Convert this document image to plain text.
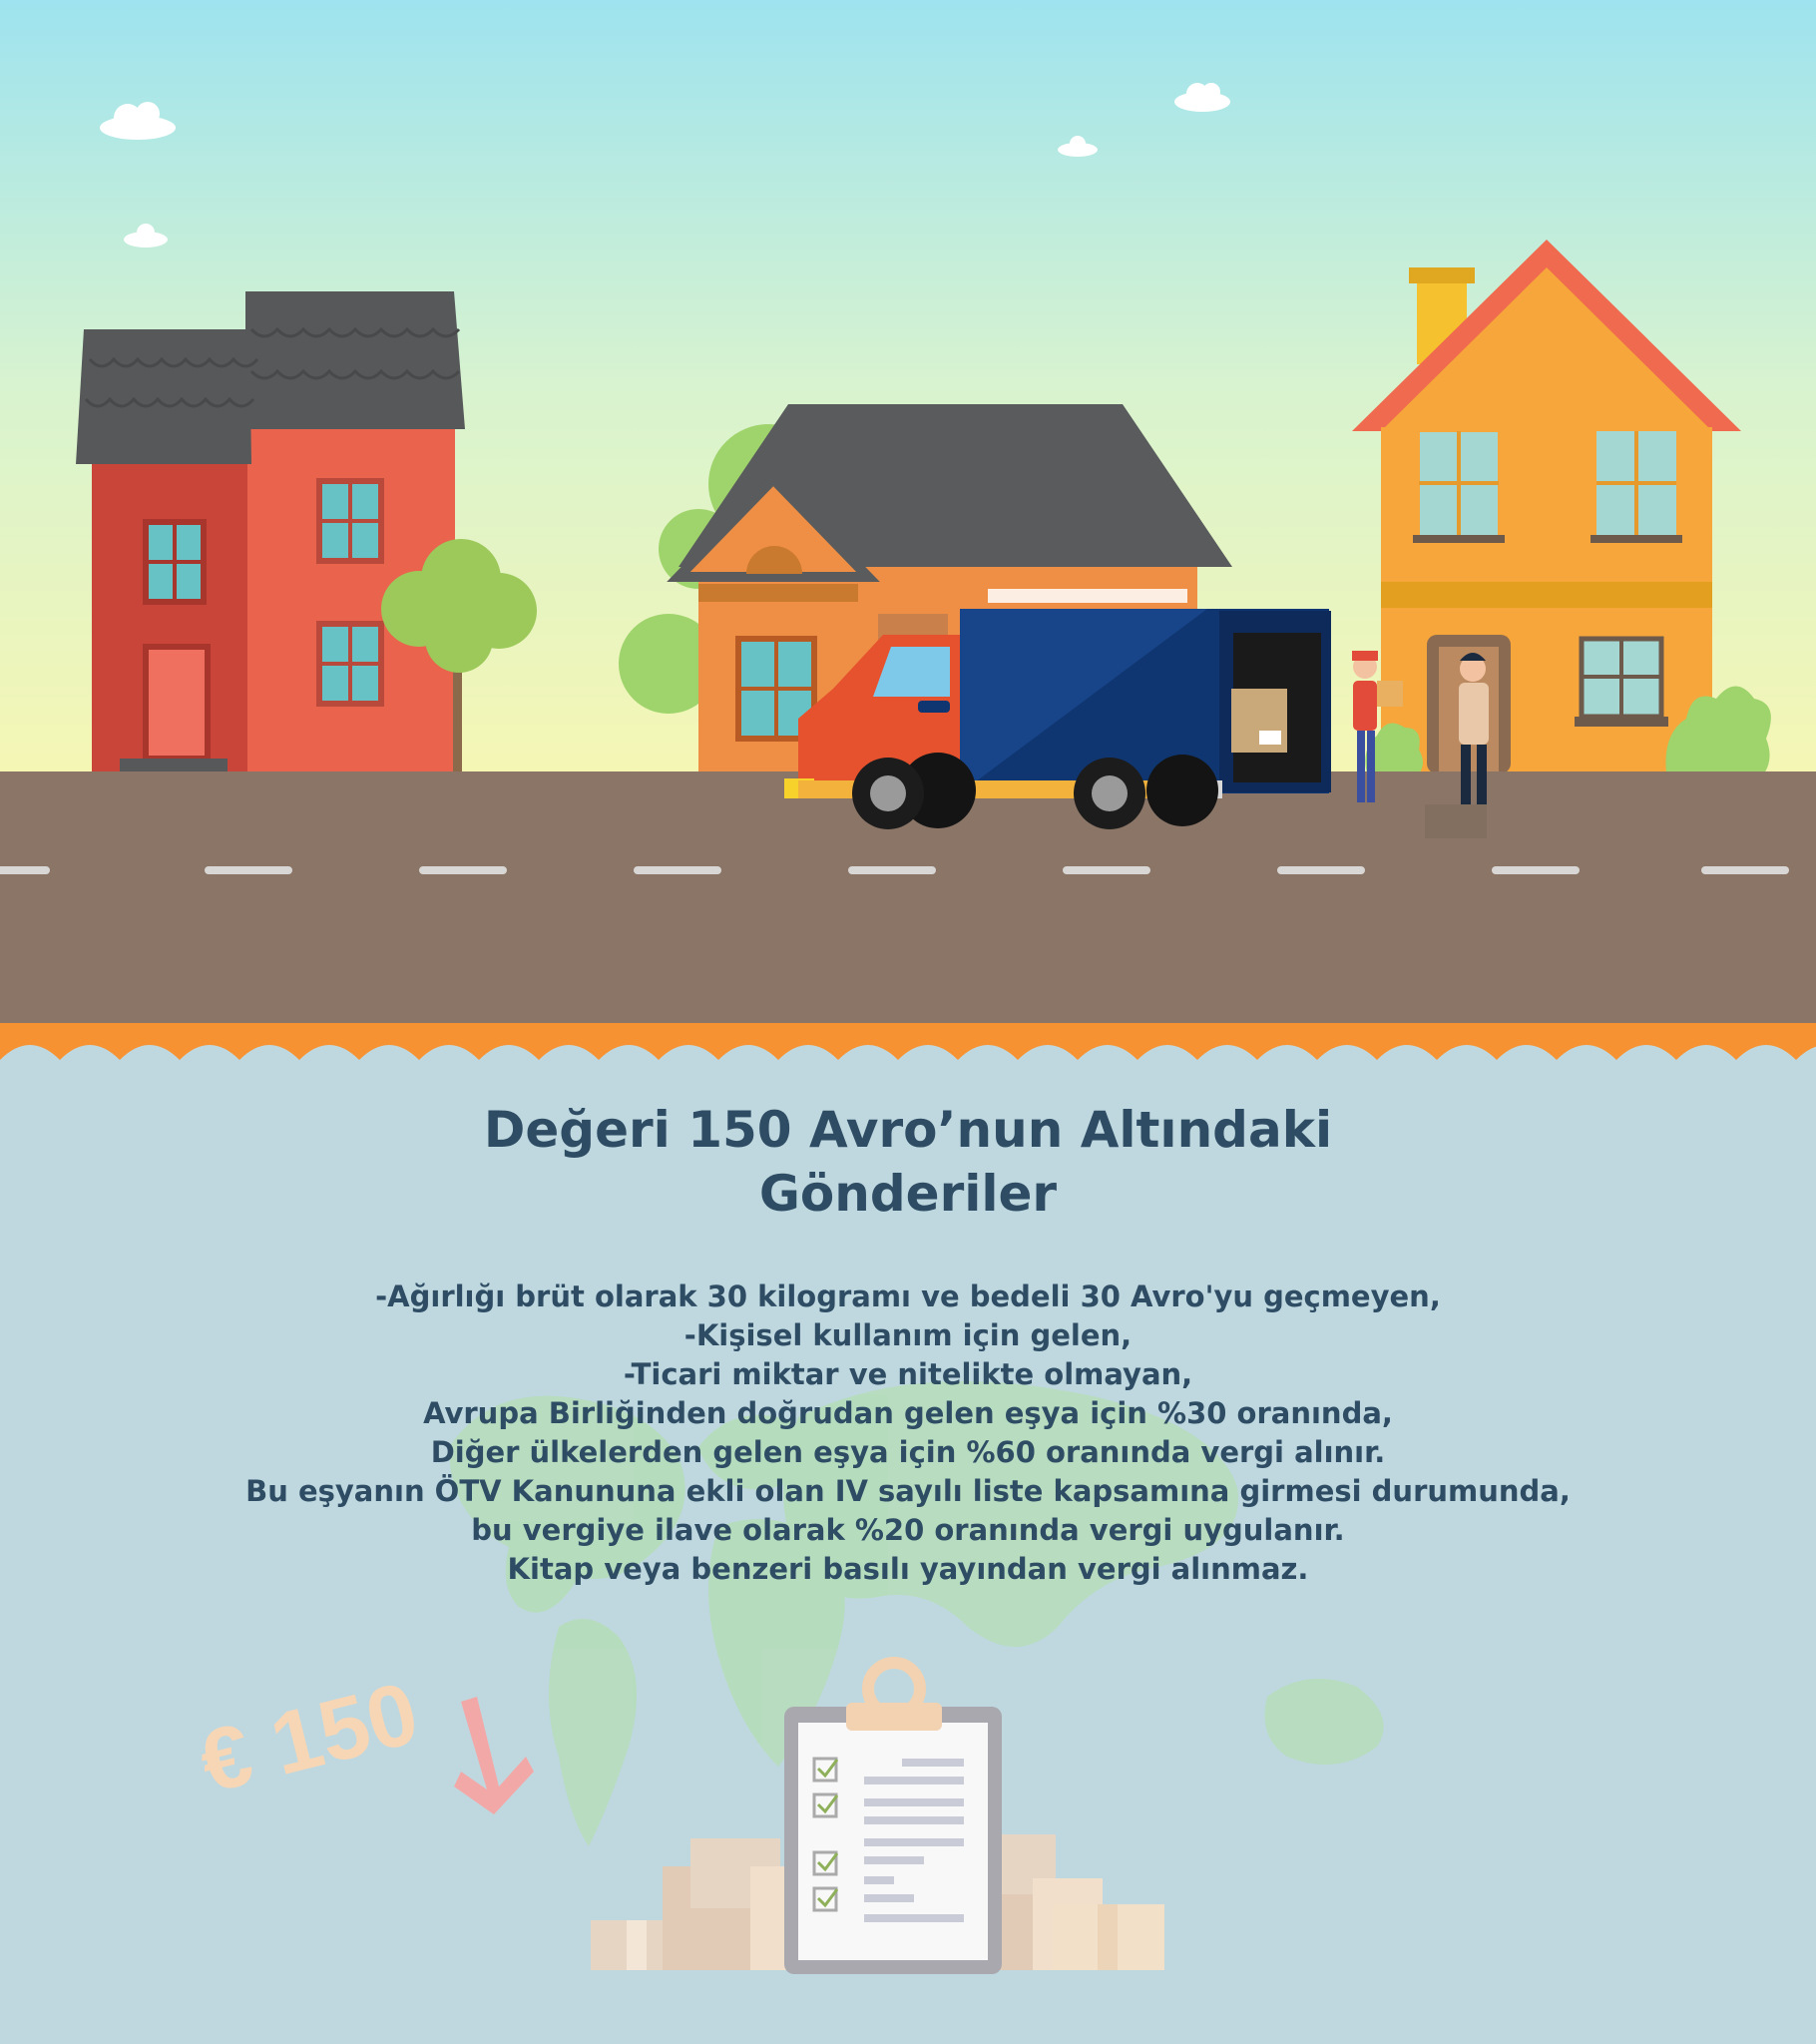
€ 150
Değeri 150 Avro’nun Altındaki
Gönderiler
-Ağırlığı brüt olarak 30 kilogramı ve bedeli 30 Avro'yu geçmeyen,
-Kişisel kullanım için gelen,
-Ticari miktar ve nitelikte olmayan,
Avrupa Birliğinden doğrudan gelen eşya için %30 oranında,
Diğer ülkelerden gelen eşya için %60 oranında vergi alınır.
Bu eşyanın ÖTV Kanununa ekli olan IV sayılı liste kapsamına girmesi durumunda,
bu vergiye ilave olarak %20 oranında vergi uygulanır.
Kitap veya benzeri basılı yayından vergi alınmaz.
